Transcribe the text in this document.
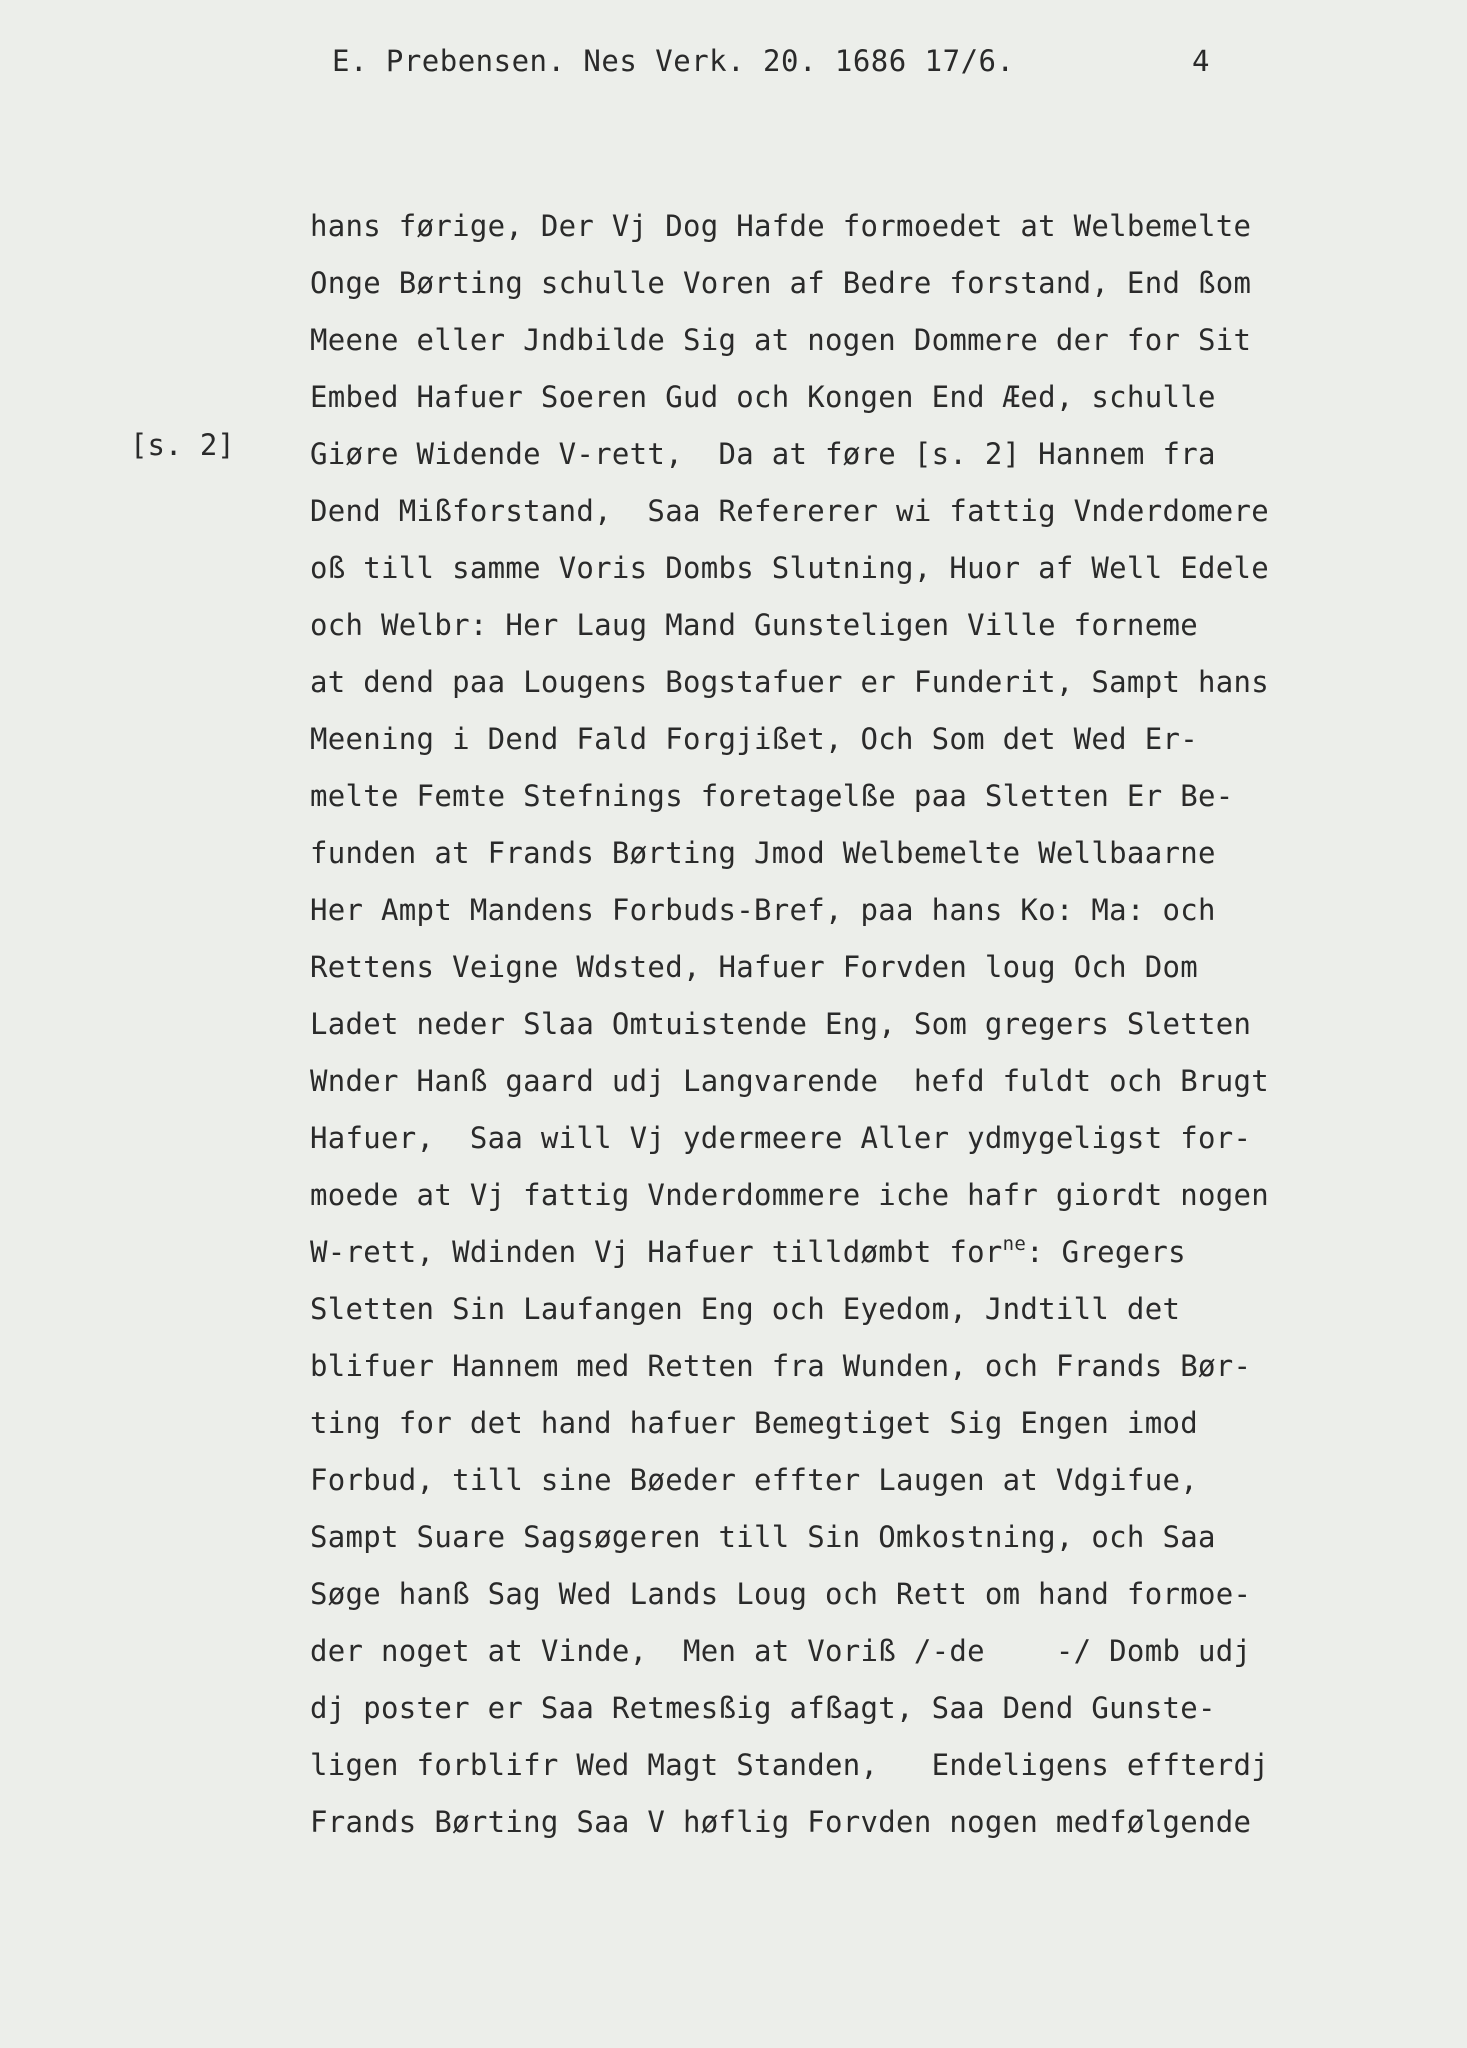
E. Prebensen. Nes Verk. 20. 1686 17/6.	4
[s. 2]
hans førige, Der Vj Dog Hafde formoedet at Welbemelte
Onge Børting schulle Voren af Bedre forstand, End ßom
Meene eller Jndbilde Sig at nogen Dommere der for Sit
Embed Hafuer Soeren Gud och Kongen End Æed, schulle
Giøre Widende V-rett,  Da at føre [s. 2] Hannem fra
Dend Mißforstand,  Saa Refererer wi fattig Vnderdomere
oß till samme Voris Dombs Slutning, Huor af Well Edele
och Welbr: Her Laug Mand Gunsteligen Ville forneme
at dend paa Lougens Bogstafuer er Funderit, Sampt hans
Meening i Dend Fald Forgjißet, Och Som det Wed Er-
melte Femte Stefnings foretagelße paa Sletten Er Be-
funden at Frands Børting Jmod Welbemelte Wellbaarne
Her Ampt Mandens Forbuds-Bref, paa hans Ko: Ma: och
Rettens Veigne Wdsted, Hafuer Forvden loug Och Dom
Ladet neder Slaa Omtuistende Eng, Som gregers Sletten
Wnder Hanß gaard udj Langvarende  hefd fuldt och Brugt
Hafuer,  Saa will Vj ydermeere Aller ydmygeligst for-
moede at Vj fattig Vnderdommere iche hafr giordt nogen
W-rett, Wdinden Vj Hafuer tilldømbt for$^{ne}$: Gregers
Sletten Sin Laufangen Eng och Eyedom, Jndtill det
blifuer Hannem med Retten fra Wunden, och Frands Bør-
ting for det hand hafuer Bemegtiget Sig Engen imod
Forbud, till sine Bøeder effter Laugen at Vdgifue,
Sampt Suare Sagsøgeren till Sin Omkostning, och Saa
Søge hanß Sag Wed Lands Loug och Rett om hand formoe-
der noget at Vinde,  Men at Voriß /-de    -/ Domb udj
dj poster er Saa Retmesßig afßagt, Saa Dend Gunste-
ligen forblifr Wed Magt Standen,   Endeligens effterdj
Frands Børting Saa V høflig Forvden nogen medfølgende
